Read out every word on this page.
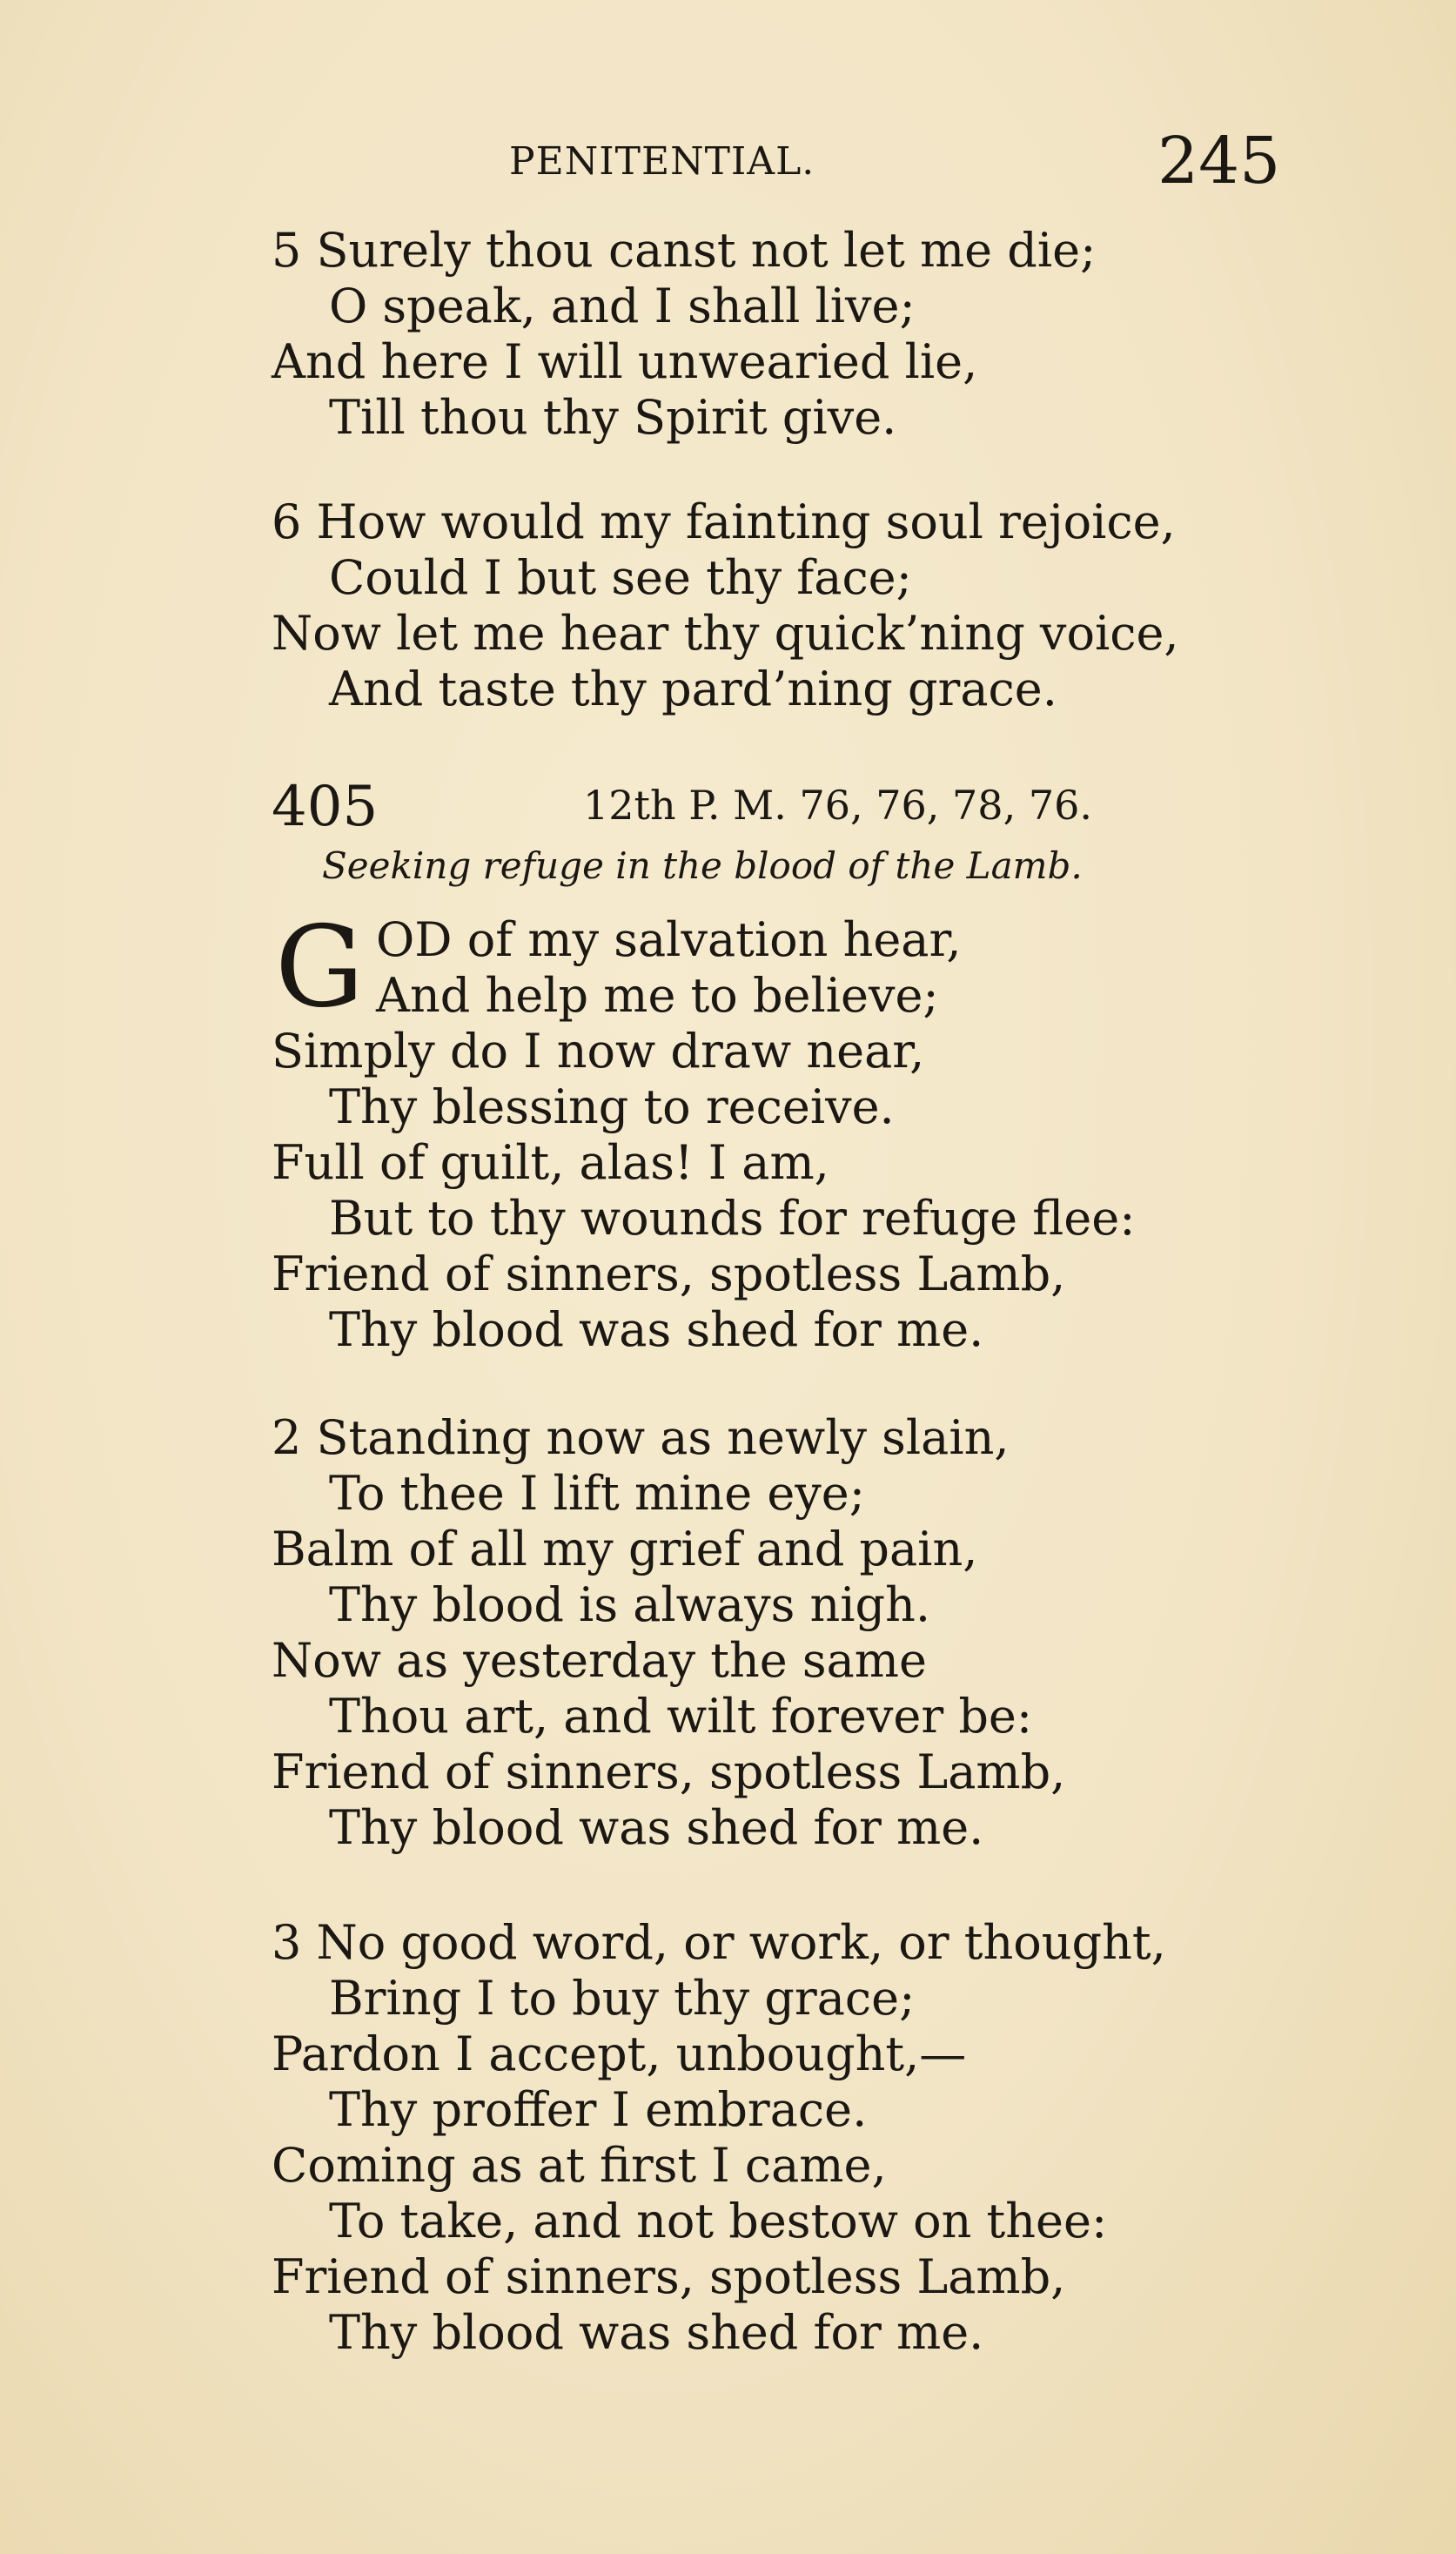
PENITENTIAL.	245
5 Surely thou canst not let me die;
O speak, and I shall live;
And here I will unwearied lie,
Till thou thy Spirit give.
6 How would my fainting soul rejoice,
Could I but see thy face;
Now let me hear thy quick’ning voice,
And taste thy pard’ning grace.
405	12th P. M. 76, 76, 78, 76.
Seeking refuge in the blood of the Lamb.
G OD of my salvation hear,
And help me to believe;
Simply do I now draw near,
Thy blessing to receive.
Full of guilt, alas! I am,
But to thy wounds for refuge flee:
Friend of sinners, spotless Lamb,
Thy blood was shed for me.
2 Standing now as newly slain,
To thee I lift mine eye;
Balm of all my grief and pain,
Thy blood is always nigh.
Now as yesterday the same
Thou art, and wilt forever be:
Friend of sinners, spotless Lamb,
Thy blood was shed for me.
3 No good word, or work, or thought,
Bring I to buy thy grace;
Pardon I accept, unbought,—
Thy proffer I embrace.
Coming as at first I came,
To take, and not bestow on thee:
Friend of sinners, spotless Lamb,
Thy blood was shed for me.
